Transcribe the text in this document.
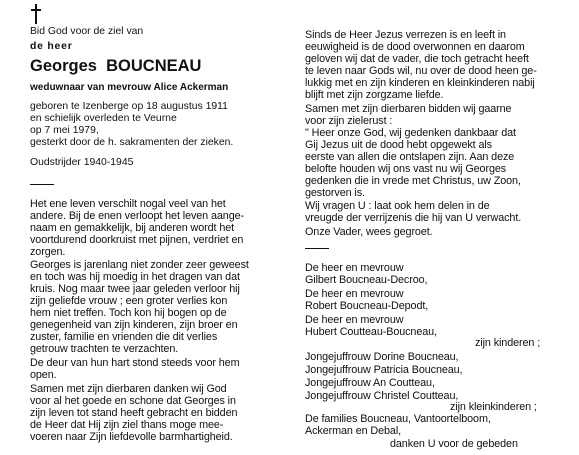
Bid God voor de ziel van
de heer
Georges BOUCNEAU
weduwnaar van mevrouw Alice Ackerman
geboren te Izenberge op 18 augustus 1911
en schielijk overleden te Veurne
op 7 mei 1979,
gesterkt door de h. sakramenten der zieken.
Oudstrijder 1940-1945
Het ene leven verschilt nogal veel van het
andere. Bij de enen verloopt het leven aange-
naam en gemakkelijk, bij anderen wordt het
voortdurend doorkruist met pijnen, verdriet en
zorgen.
Georges is jarenlang niet zonder zeer geweest
en toch was hij moedig in het dragen van dat
kruis. Nog maar twee jaar geleden verloor hij
zijn geliefde vrouw ; een groter verlies kon
hem niet treffen. Toch kon hij bogen op de
genegenheid van zijn kinderen, zijn broer en
zuster, familie en vrienden die dit verlies
getrouw trachten te verzachten.
De deur van hun hart stond steeds voor hem
open.
Samen met zijn dierbaren danken wij God
voor al het goede en schone dat Georges in
zijn leven tot stand heeft gebracht en bidden
de Heer dat Hij zijn ziel thans moge mee-
voeren naar Zijn liefdevolle barmhartigheid.
Sinds de Heer Jezus verrezen is en leeft in
eeuwigheid is de dood overwonnen en daarom
geloven wij dat de vader, die toch getracht heeft
te leven naar Gods wil, nu over de dood heen ge-
lukkig met en zijn kinderen en kleinkinderen nabij
blijft met zijn zorgzame liefde.
Samen met zijn dierbaren bidden wij gaarne
voor zijn zielerust :
" Heer onze God, wij gedenken dankbaar dat
Gij Jezus uit de dood hebt opgewekt als
eerste van allen die ontslapen zijn. Aan deze
belofte houden wij ons vast nu wij Georges
gedenken die in vrede met Christus, uw Zoon,
gestorven is.
Wij vragen U : laat ook hem delen in de
vreugde der verrijzenis die hij van U verwacht.
Onze Vader, wees gegroet.
De heer en mevrouw
Gilbert Boucneau-Decroo,
De heer en mevrouw
Robert Boucneau-Depodt,
De heer en mevrouw
Hubert Coutteau-Boucneau,
zijn kinderen ;
Jongejuffrouw Dorine Boucneau,
Jongejuffrouw Patricia Boucneau,
Jongejuffrouw An Coutteau,
Jongejuffrouw Christel Coutteau,
zijn kleinkinderen ;
De families Boucneau, Vantoortelboom,
Ackerman en Debal,
danken U voor de gebeden
